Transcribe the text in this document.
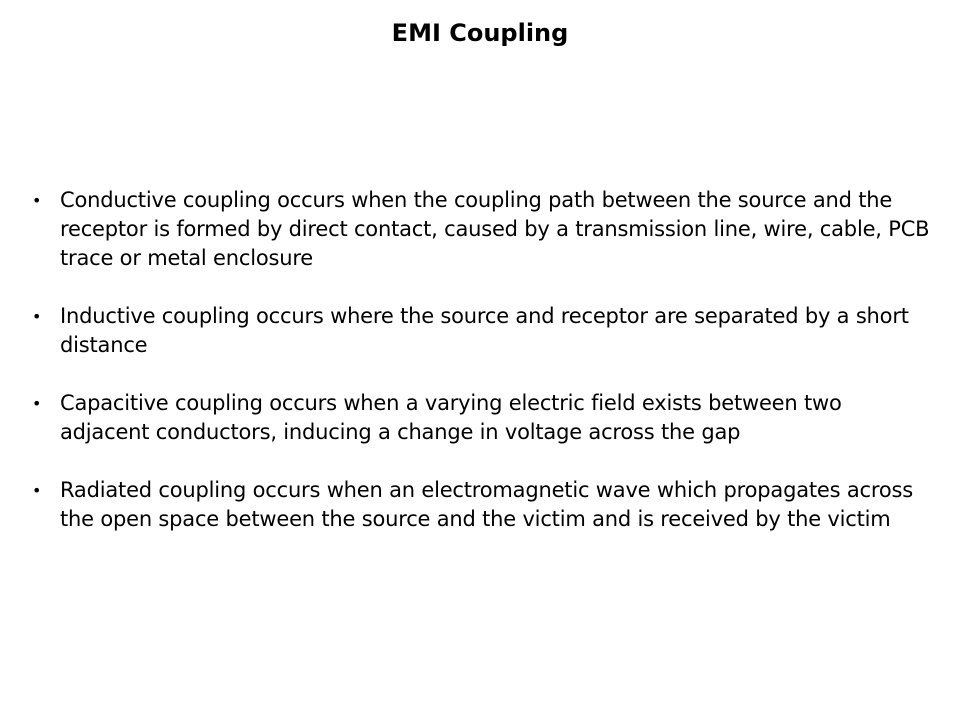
EMI Coupling
• Conductive coupling occurs when the coupling path between the source and the receptor is formed by direct contact, caused by a transmission line, wire, cable, PCB trace or metal enclosure
• Inductive coupling occurs where the source and receptor are separated by a short distance
• Capacitive coupling occurs when a varying electric field exists between two adjacent conductors, inducing a change in voltage across the gap
• Radiated coupling occurs when an electromagnetic wave which propagates across the open space between the source and the victim and is received by the victim
